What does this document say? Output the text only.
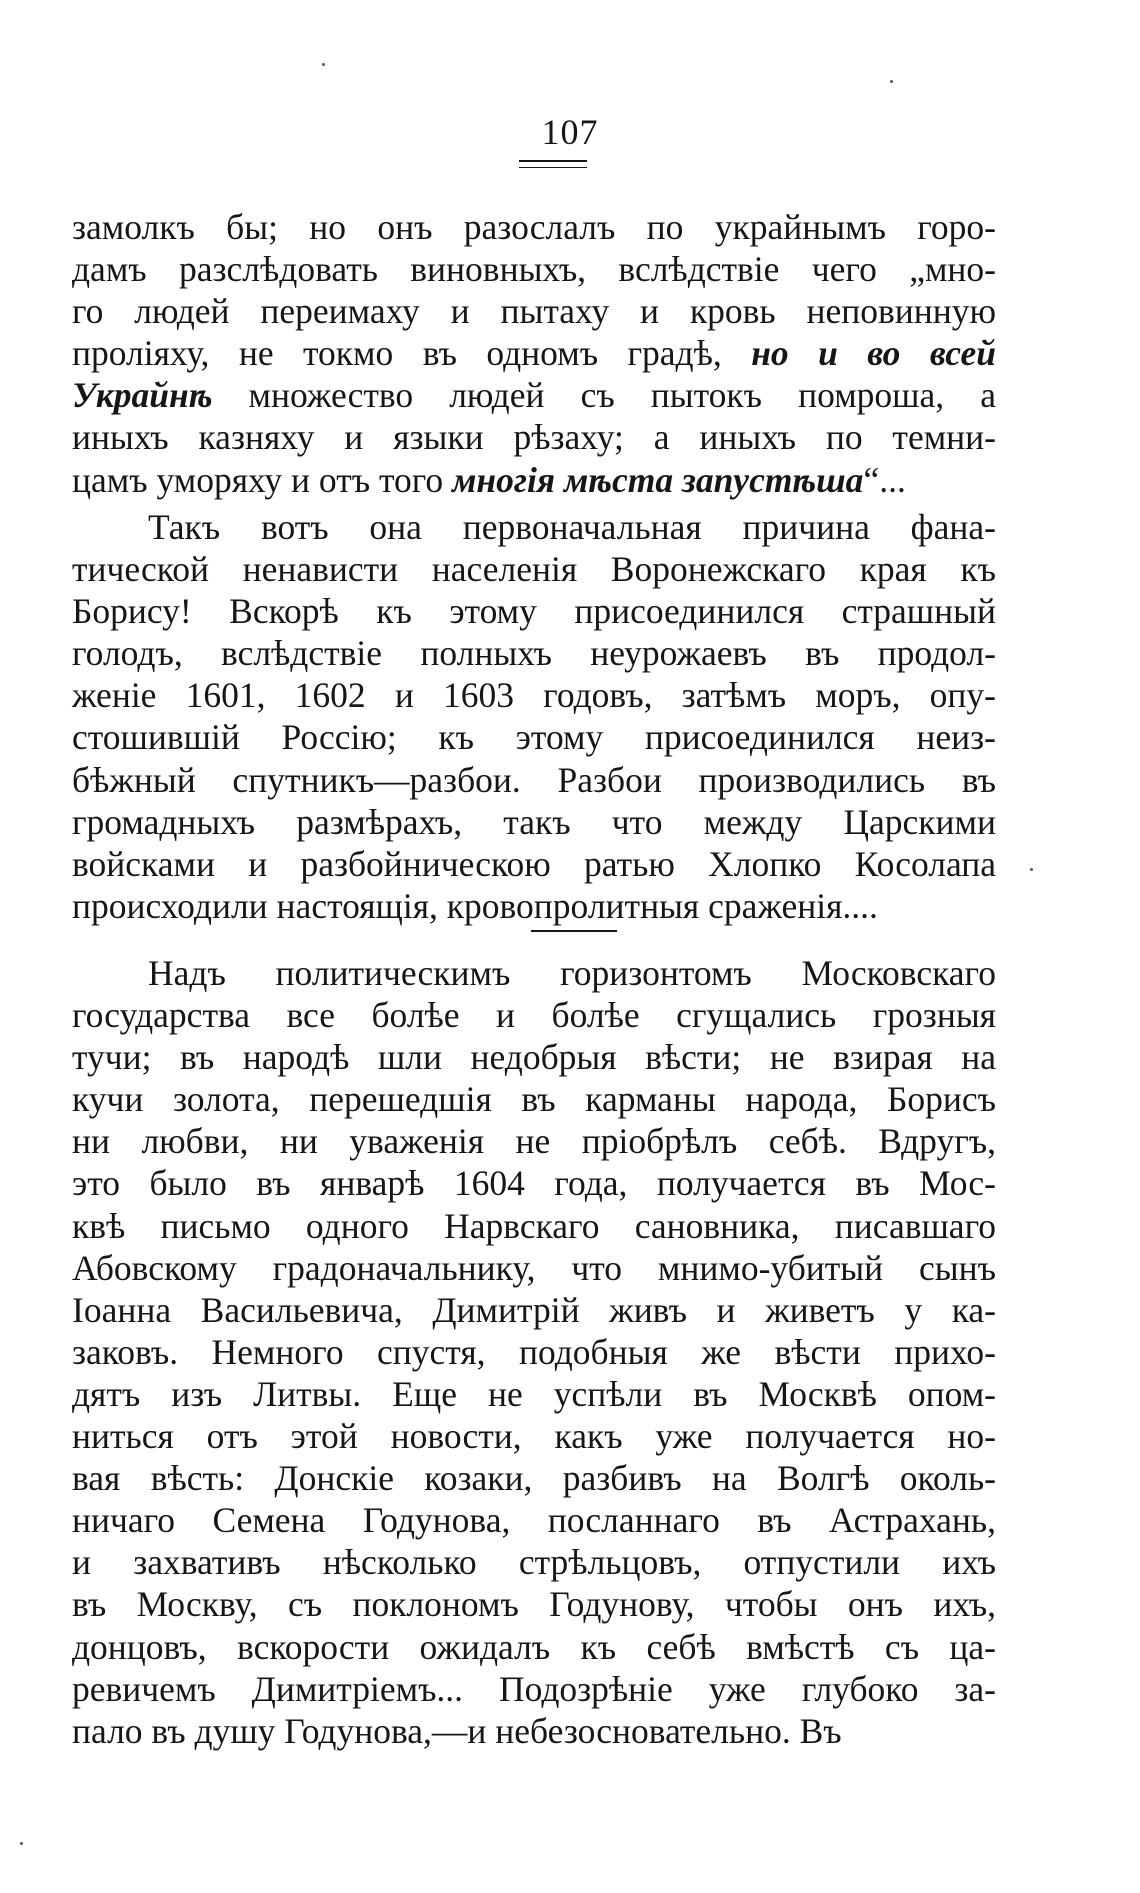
107
замолкъ бы; но онъ разослалъ по украйнымъ горо-
дамъ разслѣдовать виновныхъ, вслѣдствіе чего „мно-
го людей переимаху и пытаху и кровь неповинную
проліяху, не токмо въ одномъ градѣ, но и во всей
Украйнѣ множество людей съ пытокъ помроша, а
иныхъ казняху и языки рѣзаху; а иныхъ по темни-
цамъ уморяху и отъ того многія мѣста запустѣша“...
Такъ вотъ она первоначальная причина фана-
тической ненависти населенія Воронежскаго края къ
Борису! Вскорѣ къ этому присоединился страшный
голодъ, вслѣдствіе полныхъ неурожаевъ въ продол-
женіе 1601, 1602 и 1603 годовъ, затѣмъ моръ, опу-
стошившій Россію; къ этому присоединился неиз-
бѣжный спутникъ—разбои. Разбои производились въ
громадныхъ размѣрахъ, такъ что между Царскими
войсками и разбойническою ратью Хлопко Косолапа
происходили настоящія, кровопролитныя сраженія....
Надъ политическимъ горизонтомъ Московскаго
государства все болѣе и болѣе сгущались грозныя
тучи; въ народѣ шли недобрыя вѣсти; не взирая на
кучи золота, перешедшія въ карманы народа, Борисъ
ни любви, ни уваженія не пріобрѣлъ себѣ. Вдругъ,
это было въ январѣ 1604 года, получается въ Мос-
квѣ письмо одного Нарвскаго сановника, писавшаго
Абовскому градоначальнику, что мнимо-убитый сынъ
Іоанна Васильевича, Димитрій живъ и живетъ у ка-
заковъ. Немного спустя, подобныя же вѣсти прихо-
дятъ изъ Литвы. Еще не успѣли въ Москвѣ опом-
ниться отъ этой новости, какъ уже получается но-
вая вѣсть: Донскіе козаки, разбивъ на Волгѣ околь-
ничаго Семена Годунова, посланнаго въ Астрахань,
и захвативъ нѣсколько стрѣльцовъ, отпустили ихъ
въ Москву, съ поклономъ Годунову, чтобы онъ ихъ,
донцовъ, вскорости ожидалъ къ себѣ вмѣстѣ съ ца-
ревичемъ Димитріемъ... Подозрѣніе уже глубоко за-
пало въ душу Годунова,—и небезосновательно. Въ
